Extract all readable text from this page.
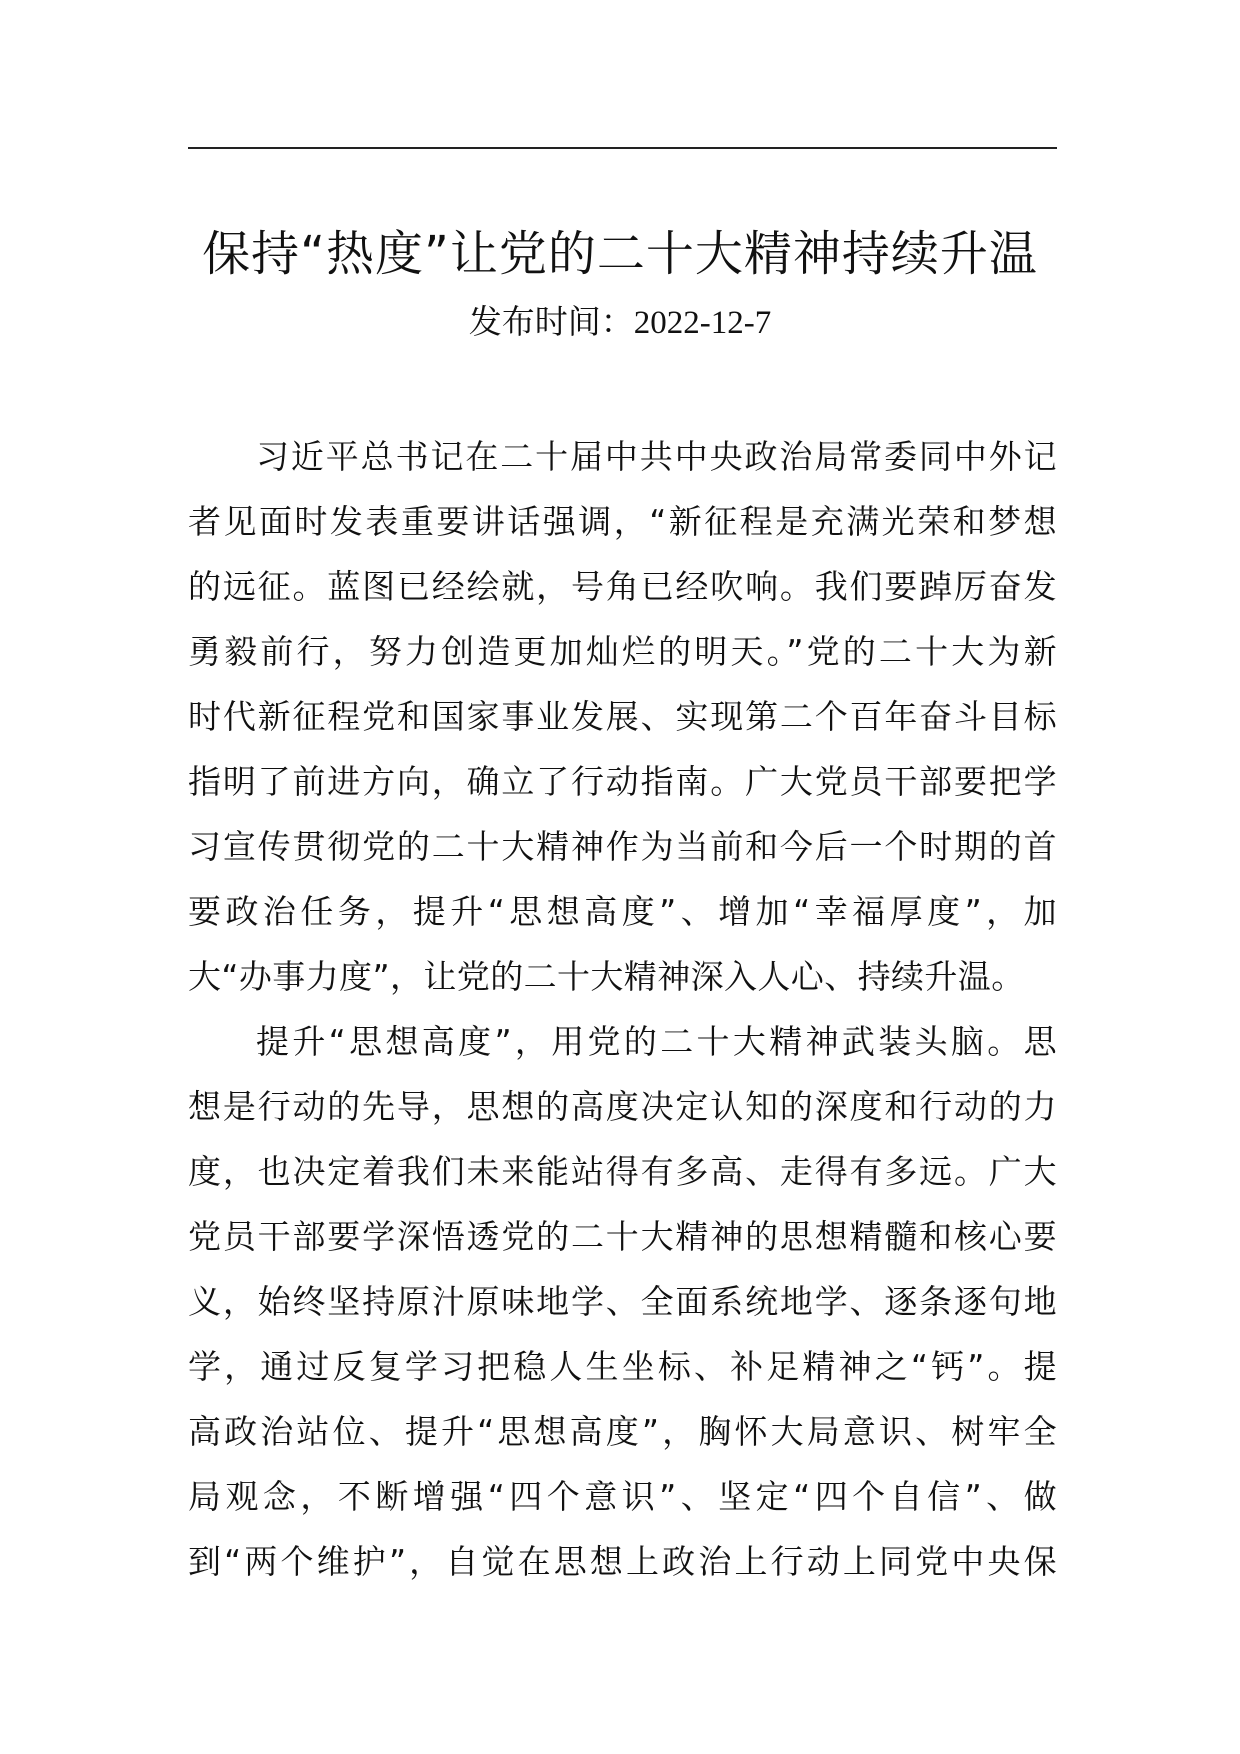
保持“热度”让党的二十大精神持续升温
发布时间：2022-12-7
习近平总书记在二十届中共中央政治局常委同中外记
者见面时发表重要讲话强调，“新征程是充满光荣和梦想
的远征。蓝图已经绘就，号角已经吹响。我们要踔厉奋发
勇毅前行，努力创造更加灿烂的明天。”党的二十大为新
时代新征程党和国家事业发展、实现第二个百年奋斗目标
指明了前进方向，确立了行动指南。广大党员干部要把学
习宣传贯彻党的二十大精神作为当前和今后一个时期的首
要政治任务，提升“思想高度”、增加“幸福厚度”，加
大“办事力度”，让党的二十大精神深入人心、持续升温。
提升“思想高度”，用党的二十大精神武装头脑。思
想是行动的先导，思想的高度决定认知的深度和行动的力
度，也决定着我们未来能站得有多高、走得有多远。广大
党员干部要学深悟透党的二十大精神的思想精髓和核心要
义，始终坚持原汁原味地学、全面系统地学、逐条逐句地
学，通过反复学习把稳人生坐标、补足精神之“钙”。提
高政治站位、提升“思想高度”，胸怀大局意识、树牢全
局观念，不断增强“四个意识”、坚定“四个自信”、做
到“两个维护”，自觉在思想上政治上行动上同党中央保
